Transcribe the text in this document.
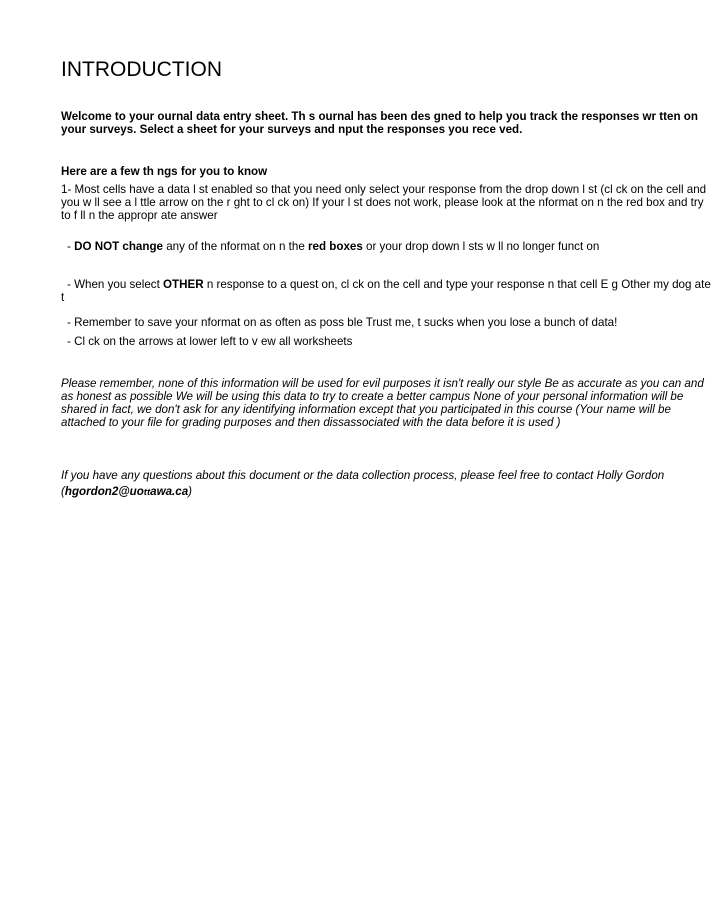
INTRODUCTION
Welcome to your ournal data entry sheet. Th s ournal has been des gned to help you track the responses wr tten on your surveys. Select a sheet for your surveys and nput the responses you rece ved.
Here are a few th ngs for you to know
1- Most cells have a data l st enabled so that you need only select your response from the drop down l st (cl ck on the cell and you w ll see a l ttle arrow on the r ght to cl ck on) If your l st does not work, please look at the nformat on n the red box and try to f ll n the appropr ate answer
- DO NOT change any of the nformat on n the red boxes or your drop down l sts w ll no longer funct on
- When you select OTHER n response to a quest on, cl ck on the cell and type your response n that cell E g Other my dog ate t
- Remember to save your nformat on as often as poss ble Trust me, t sucks when you lose a bunch of data!
- Cl ck on the arrows at lower left to v ew all worksheets
Please remember, none of this information will be used for evil purposes it isn't really our style Be as accurate as you can and as honest as possible We will be using this data to try to create a better campus None of your personal information will be shared in fact, we don't ask for any identifying information except that you participated in this course (Your name will be attached to your file for grading purposes and then dissassociated with the data before it is used )
If you have any questions about this document or the data collection process, please feel free to contact Holly Gordon
(hgordon2@uottawa.ca)
